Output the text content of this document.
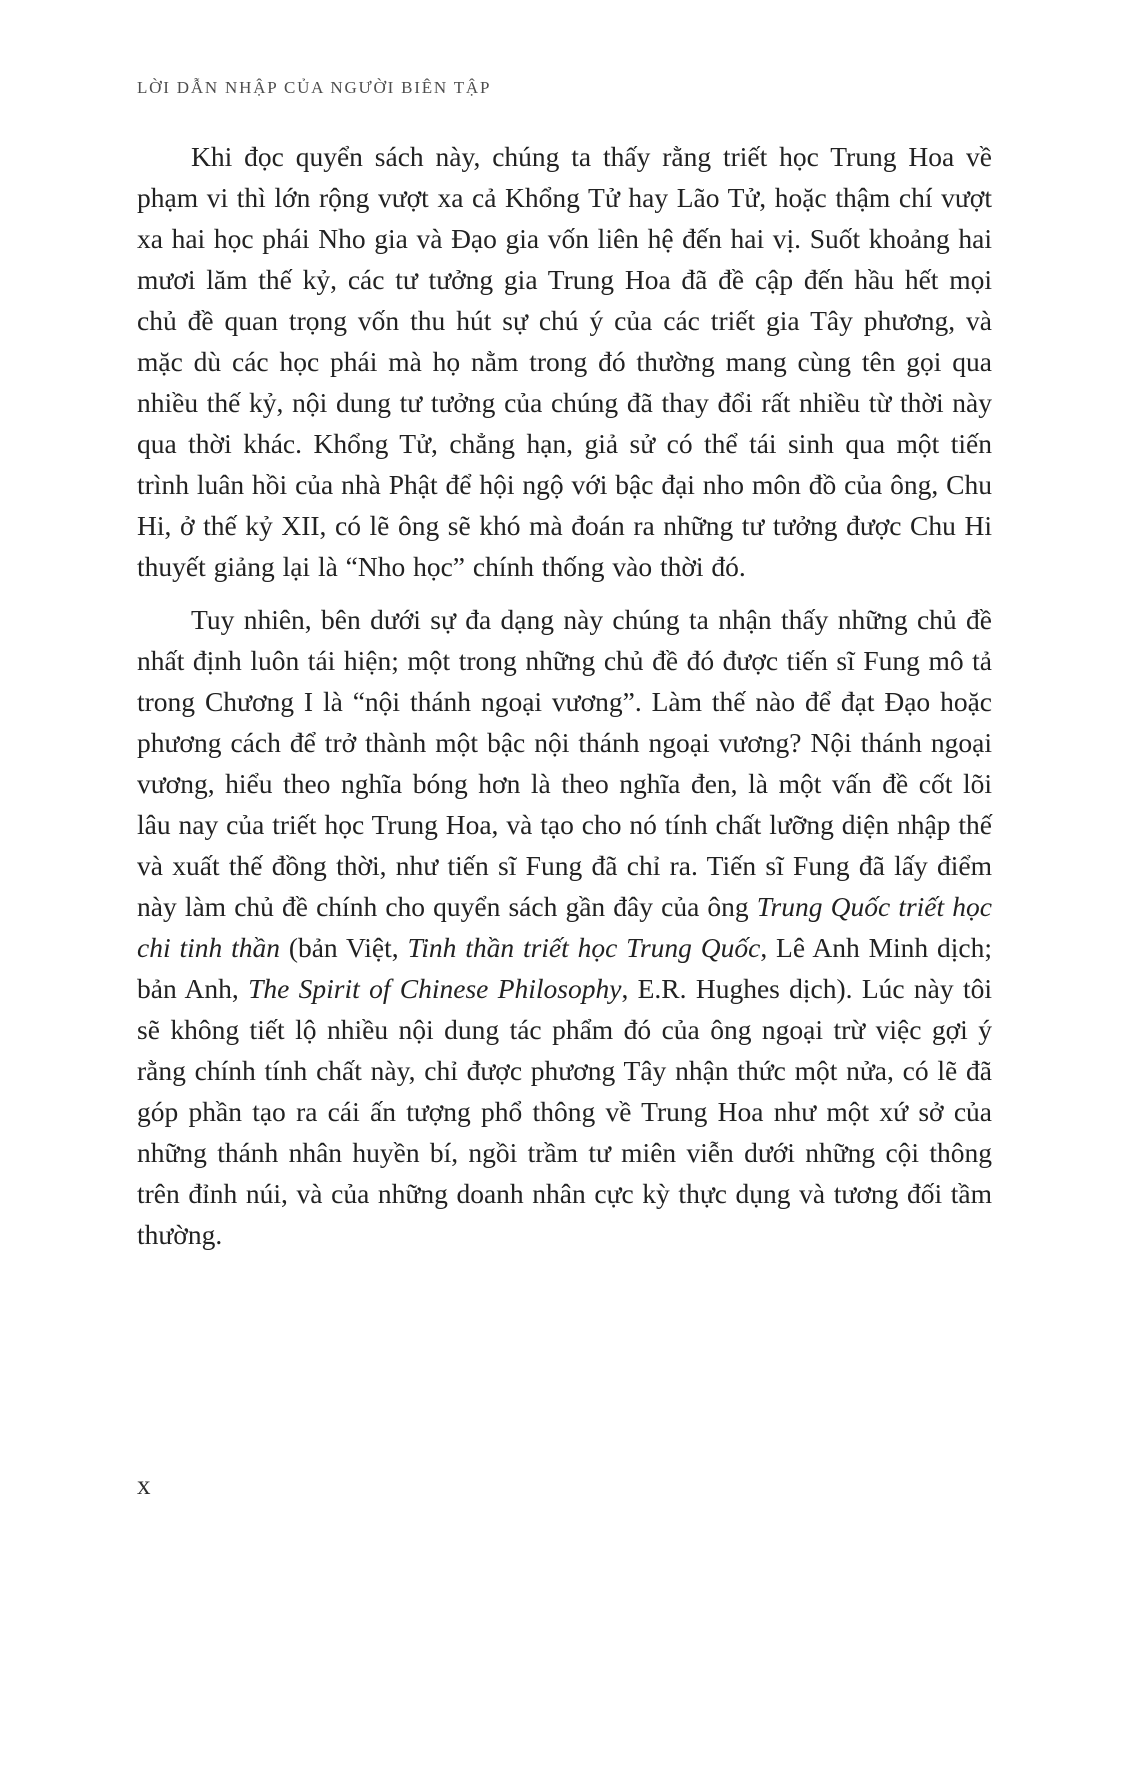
LỜI DẪN NHẬP CỦA NGƯỜI BIÊN TẬP

Khi đọc quyển sách này, chúng ta thấy rằng triết học Trung Hoa về phạm vi thì lớn rộng vượt xa cả Khổng Tử hay Lão Tử, hoặc thậm chí vượt xa hai học phái Nho gia và Đạo gia vốn liên hệ đến hai vị. Suốt khoảng hai mươi lăm thế kỷ, các tư tưởng gia Trung Hoa đã đề cập đến hầu hết mọi chủ đề quan trọng vốn thu hút sự chú ý của các triết gia Tây phương, và mặc dù các học phái mà họ nằm trong đó thường mang cùng tên gọi qua nhiều thế kỷ, nội dung tư tưởng của chúng đã thay đổi rất nhiều từ thời này qua thời khác. Khổng Tử, chẳng hạn, giả sử có thể tái sinh qua một tiến trình luân hồi của nhà Phật để hội ngộ với bậc đại nho môn đồ của ông, Chu Hi, ở thế kỷ XII, có lẽ ông sẽ khó mà đoán ra những tư tưởng được Chu Hi thuyết giảng lại là “Nho học” chính thống vào thời đó.

Tuy nhiên, bên dưới sự đa dạng này chúng ta nhận thấy những chủ đề nhất định luôn tái hiện; một trong những chủ đề đó được tiến sĩ Fung mô tả trong Chương I là “nội thánh ngoại vương”. Làm thế nào để đạt Đạo hoặc phương cách để trở thành một bậc nội thánh ngoại vương? Nội thánh ngoại vương, hiểu theo nghĩa bóng hơn là theo nghĩa đen, là một vấn đề cốt lõi lâu nay của triết học Trung Hoa, và tạo cho nó tính chất lưỡng diện nhập thế và xuất thế đồng thời, như tiến sĩ Fung đã chỉ ra. Tiến sĩ Fung đã lấy điểm này làm chủ đề chính cho quyển sách gần đây của ông Trung Quốc triết học chi tinh thần (bản Việt, Tinh thần triết học Trung Quốc, Lê Anh Minh dịch; bản Anh, The Spirit of Chinese Philosophy, E.R. Hughes dịch). Lúc này tôi sẽ không tiết lộ nhiều nội dung tác phẩm đó của ông ngoại trừ việc gợi ý rằng chính tính chất này, chỉ được phương Tây nhận thức một nửa, có lẽ đã góp phần tạo ra cái ấn tượng phổ thông về Trung Hoa như một xứ sở của những thánh nhân huyền bí, ngồi trầm tư miên viễn dưới những cội thông trên đỉnh núi, và của những doanh nhân cực kỳ thực dụng và tương đối tầm thường.

x
